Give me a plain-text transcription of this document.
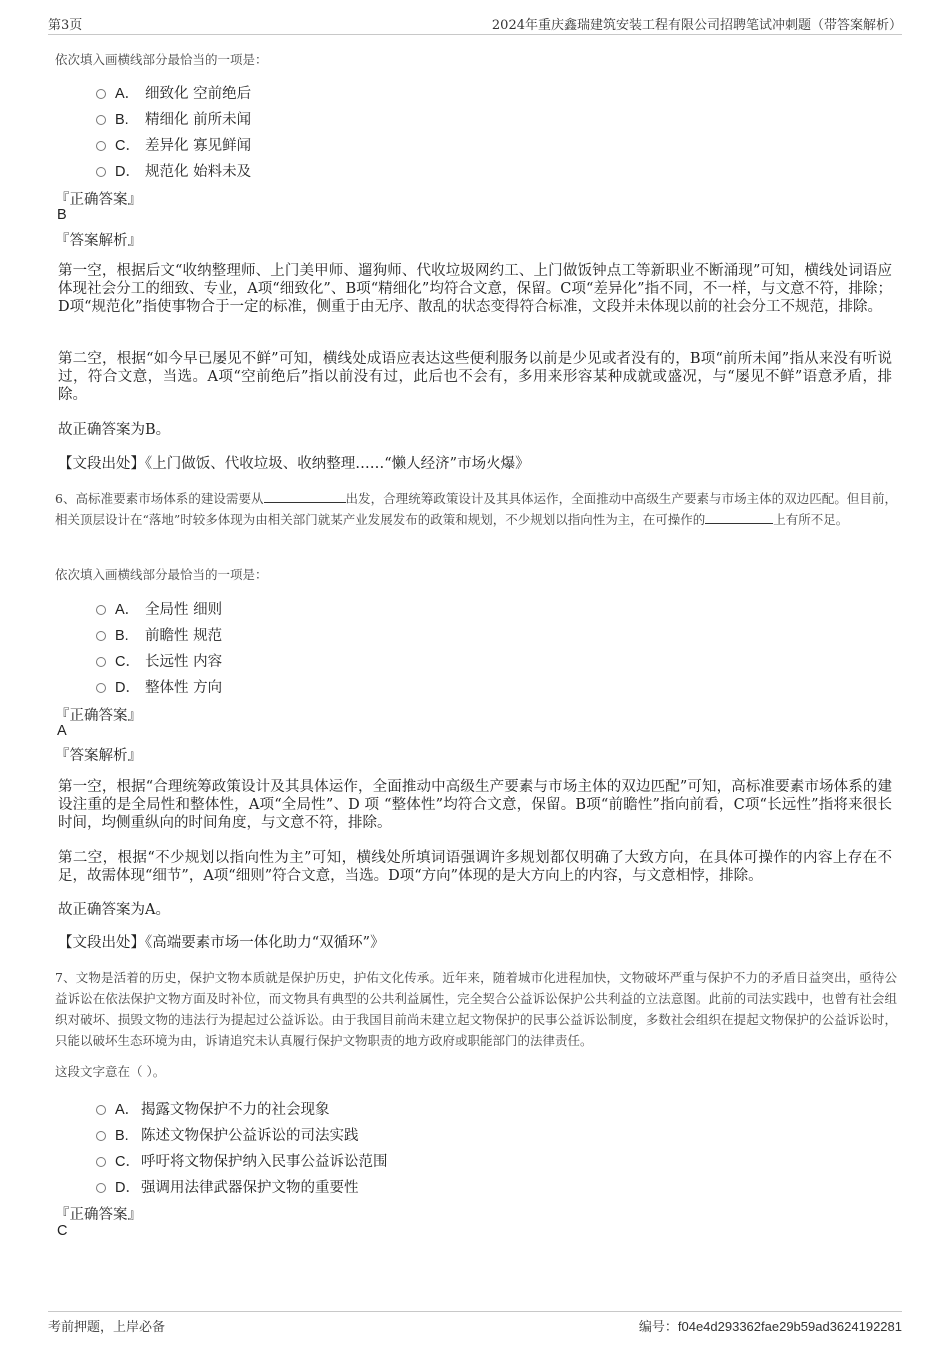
第3页	2024年重庆鑫瑞建筑安装工程有限公司招聘笔试冲刺题（带答案解析）
依次填入画横线部分最恰当的一项是：
A． 细致化 空前绝后
B. 精细化 前所未闻
C． 差异化 寡见鲜闻
D． 规范化 始料未及
『正确答案』
B
『答案解析』
第一空，根据后文“收纳整理师、上门美甲师、遛狗师、代收垃圾网约工、上门做饭钟点工等新职业不断涌现”可知，横线处词语应体现社会分工的细致、专业，A项“细致化”、B项“精细化”均符合文意，保留。C项“差异化”指不同，不一样，与文意不符，排除；D项“规范化”指使事物合于一定的标准，侧重于由无序、散乱的状态变得符合标准，文段并未体现以前的社会分工不规范，排除。
第二空，根据“如今早已屡见不鲜”可知，横线处成语应表达这些便利服务以前是少见或者没有的，B项“前所未闻”指从来没有听说过，符合文意，当选。A项“空前绝后”指以前没有过，此后也不会有，多用来形容某种成就或盛况，与“屡见不鲜”语意矛盾，排除。
故正确答案为B。
【文段出处】《上门做饭、代收垃圾、收纳整理……“懒人经济”市场火爆》
6、高标准要素市场体系的建设需要从	出发，合理统筹政策设计及其具体运作，全面推动中高级生产要素与市场主体的双边匹配。但目前，相关顶层设计在“落地”时较多体现为由相关部门就某产业发展发布的政策和规划，不少规划以指向性为主，在可操作的	上有所不足。
依次填入画横线部分最恰当的一项是：
A． 全局性 细则
B. 前瞻性 规范
C． 长远性 内容
D． 整体性 方向
『正确答案』
A
『答案解析』
第一空，根据“合理统筹政策设计及其具体运作，全面推动中高级生产要素与市场主体的双边匹配”可知，高标准要素市场体系的建设注重的是全局性和整体性，A项“全局性”、D 项 “整体性”均符合文意，保留。B项“前瞻性”指向前看，C项“长远性”指将来很长时间，均侧重纵向的时间角度，与文意不符，排除。
第二空，根据“不少规划以指向性为主”可知，横线处所填词语强调许多规划都仅明确了大致方向，在具体可操作的内容上存在不足，故需体现“细节”，A项“细则”符合文意，当选。D项“方向”体现的是大方向上的内容，与文意相悖，排除。
故正确答案为A。
【文段出处】《高端要素市场一体化助力“双循环”》
7、文物是活着的历史，保护文物本质就是保护历史，护佑文化传承。近年来，随着城市化进程加快，文物破坏严重与保护不力的矛盾日益突出，亟待公益诉讼在依法保护文物方面及时补位，而文物具有典型的公共利益属性，完全契合公益诉讼保护公共利益的立法意图。此前的司法实践中，也曾有社会组织对破坏、损毁文物的违法行为提起过公益诉讼。由于我国目前尚未建立起文物保护的民事公益诉讼制度，多数社会组织在提起文物保护的公益诉讼时，只能以破坏生态环境为由，诉请追究未认真履行保护文物职责的地方政府或职能部门的法律责任。
这段文字意在（ ）。
A． 揭露文物保护不力的社会现象
B. 陈述文物保护公益诉讼的司法实践
C．呼吁将文物保护纳入民事公益诉讼范围
D．强调用法律武器保护文物的重要性
『正确答案』
C
考前押题，上岸必备	编号：f04e4d293362fae29b59ad3624192281
